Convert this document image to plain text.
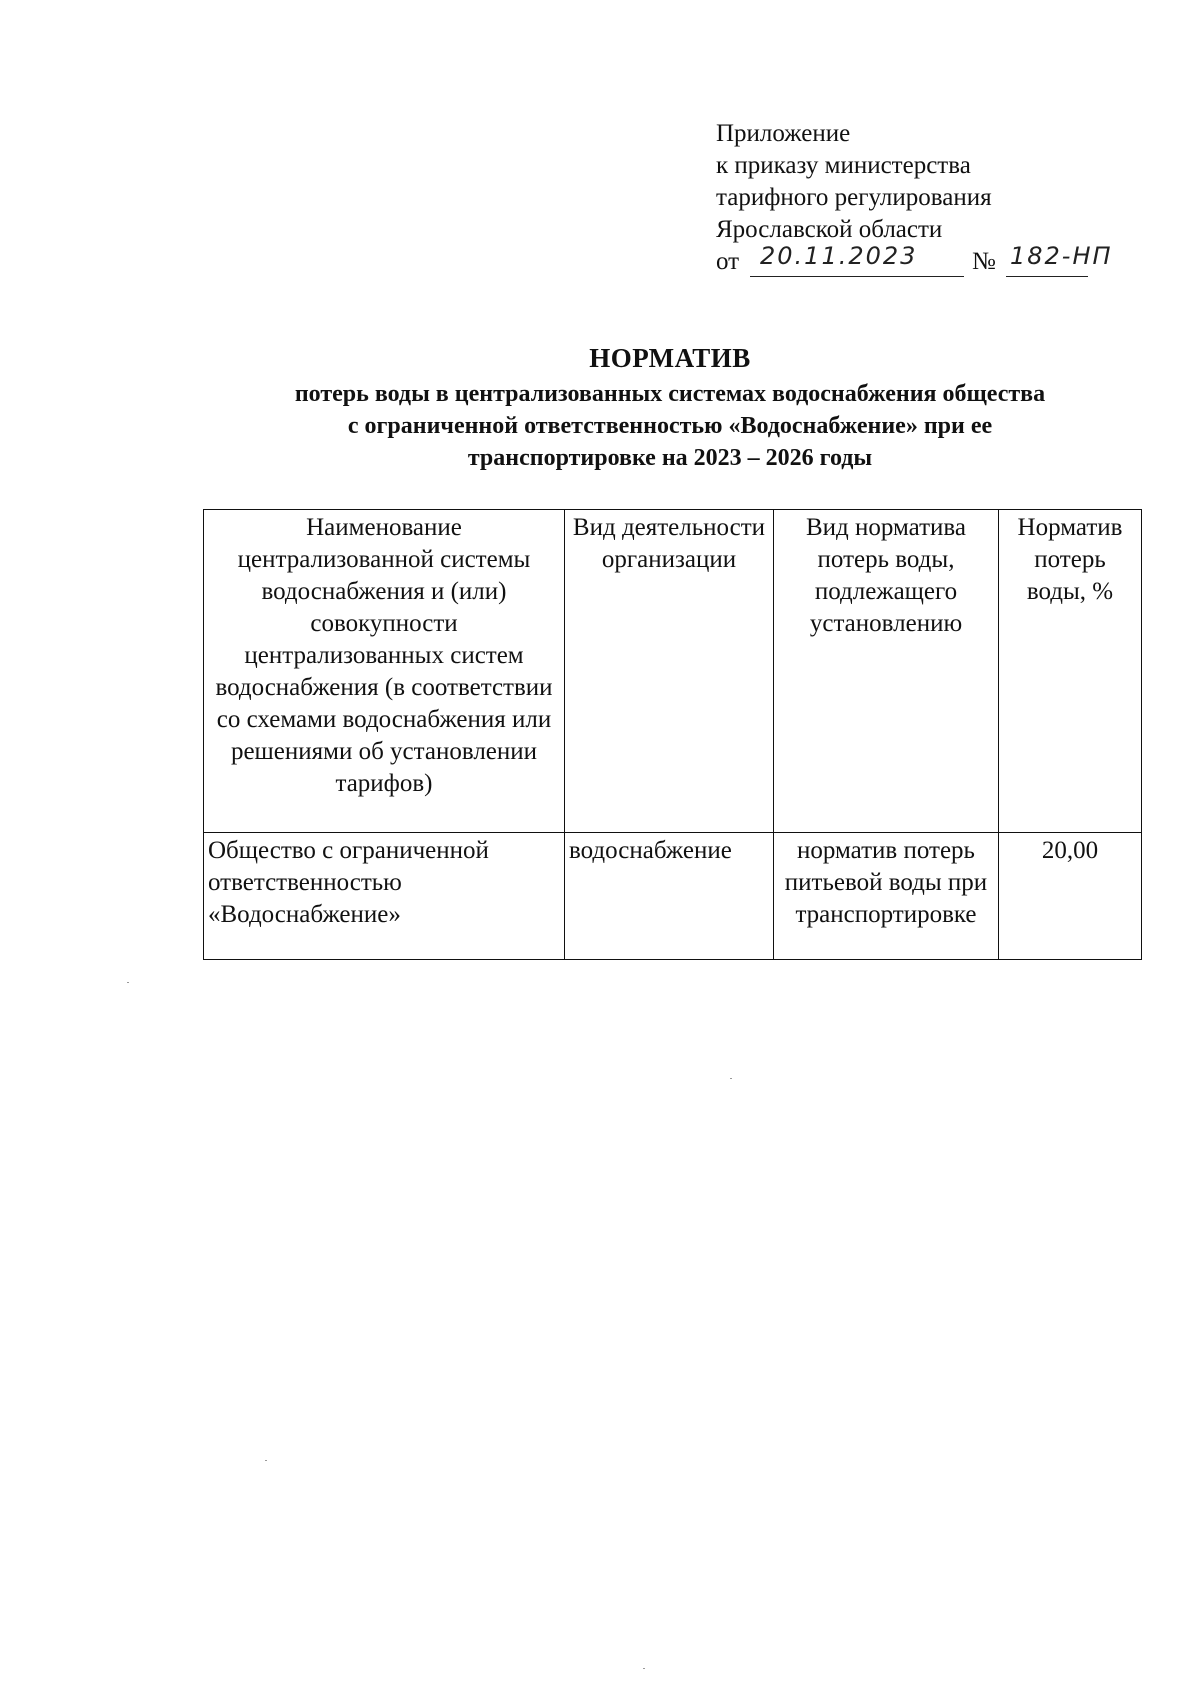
Приложение
к приказу министерства
тарифного регулирования
Ярославской области
от 20.11.2023 № 182-НП
НОРМАТИВ
потерь воды в централизованных системах водоснабжения общества
с ограниченной ответственностью «Водоснабжение» при ее
транспортировке на 2023 – 2026 годы
Наименование централизованной системы водоснабжения и (или) совокупности централизованных систем водоснабжения (в соответствии со схемами водоснабжения или решениями об установлении тарифов)	Вид деятельности организации	Вид норматива потерь воды, подлежащего установлению	Норматив потерь воды, %
Общество с ограниченной ответственностью «Водоснабжение»	водоснабжение	норматив потерь питьевой воды при транспортировке	20,00
